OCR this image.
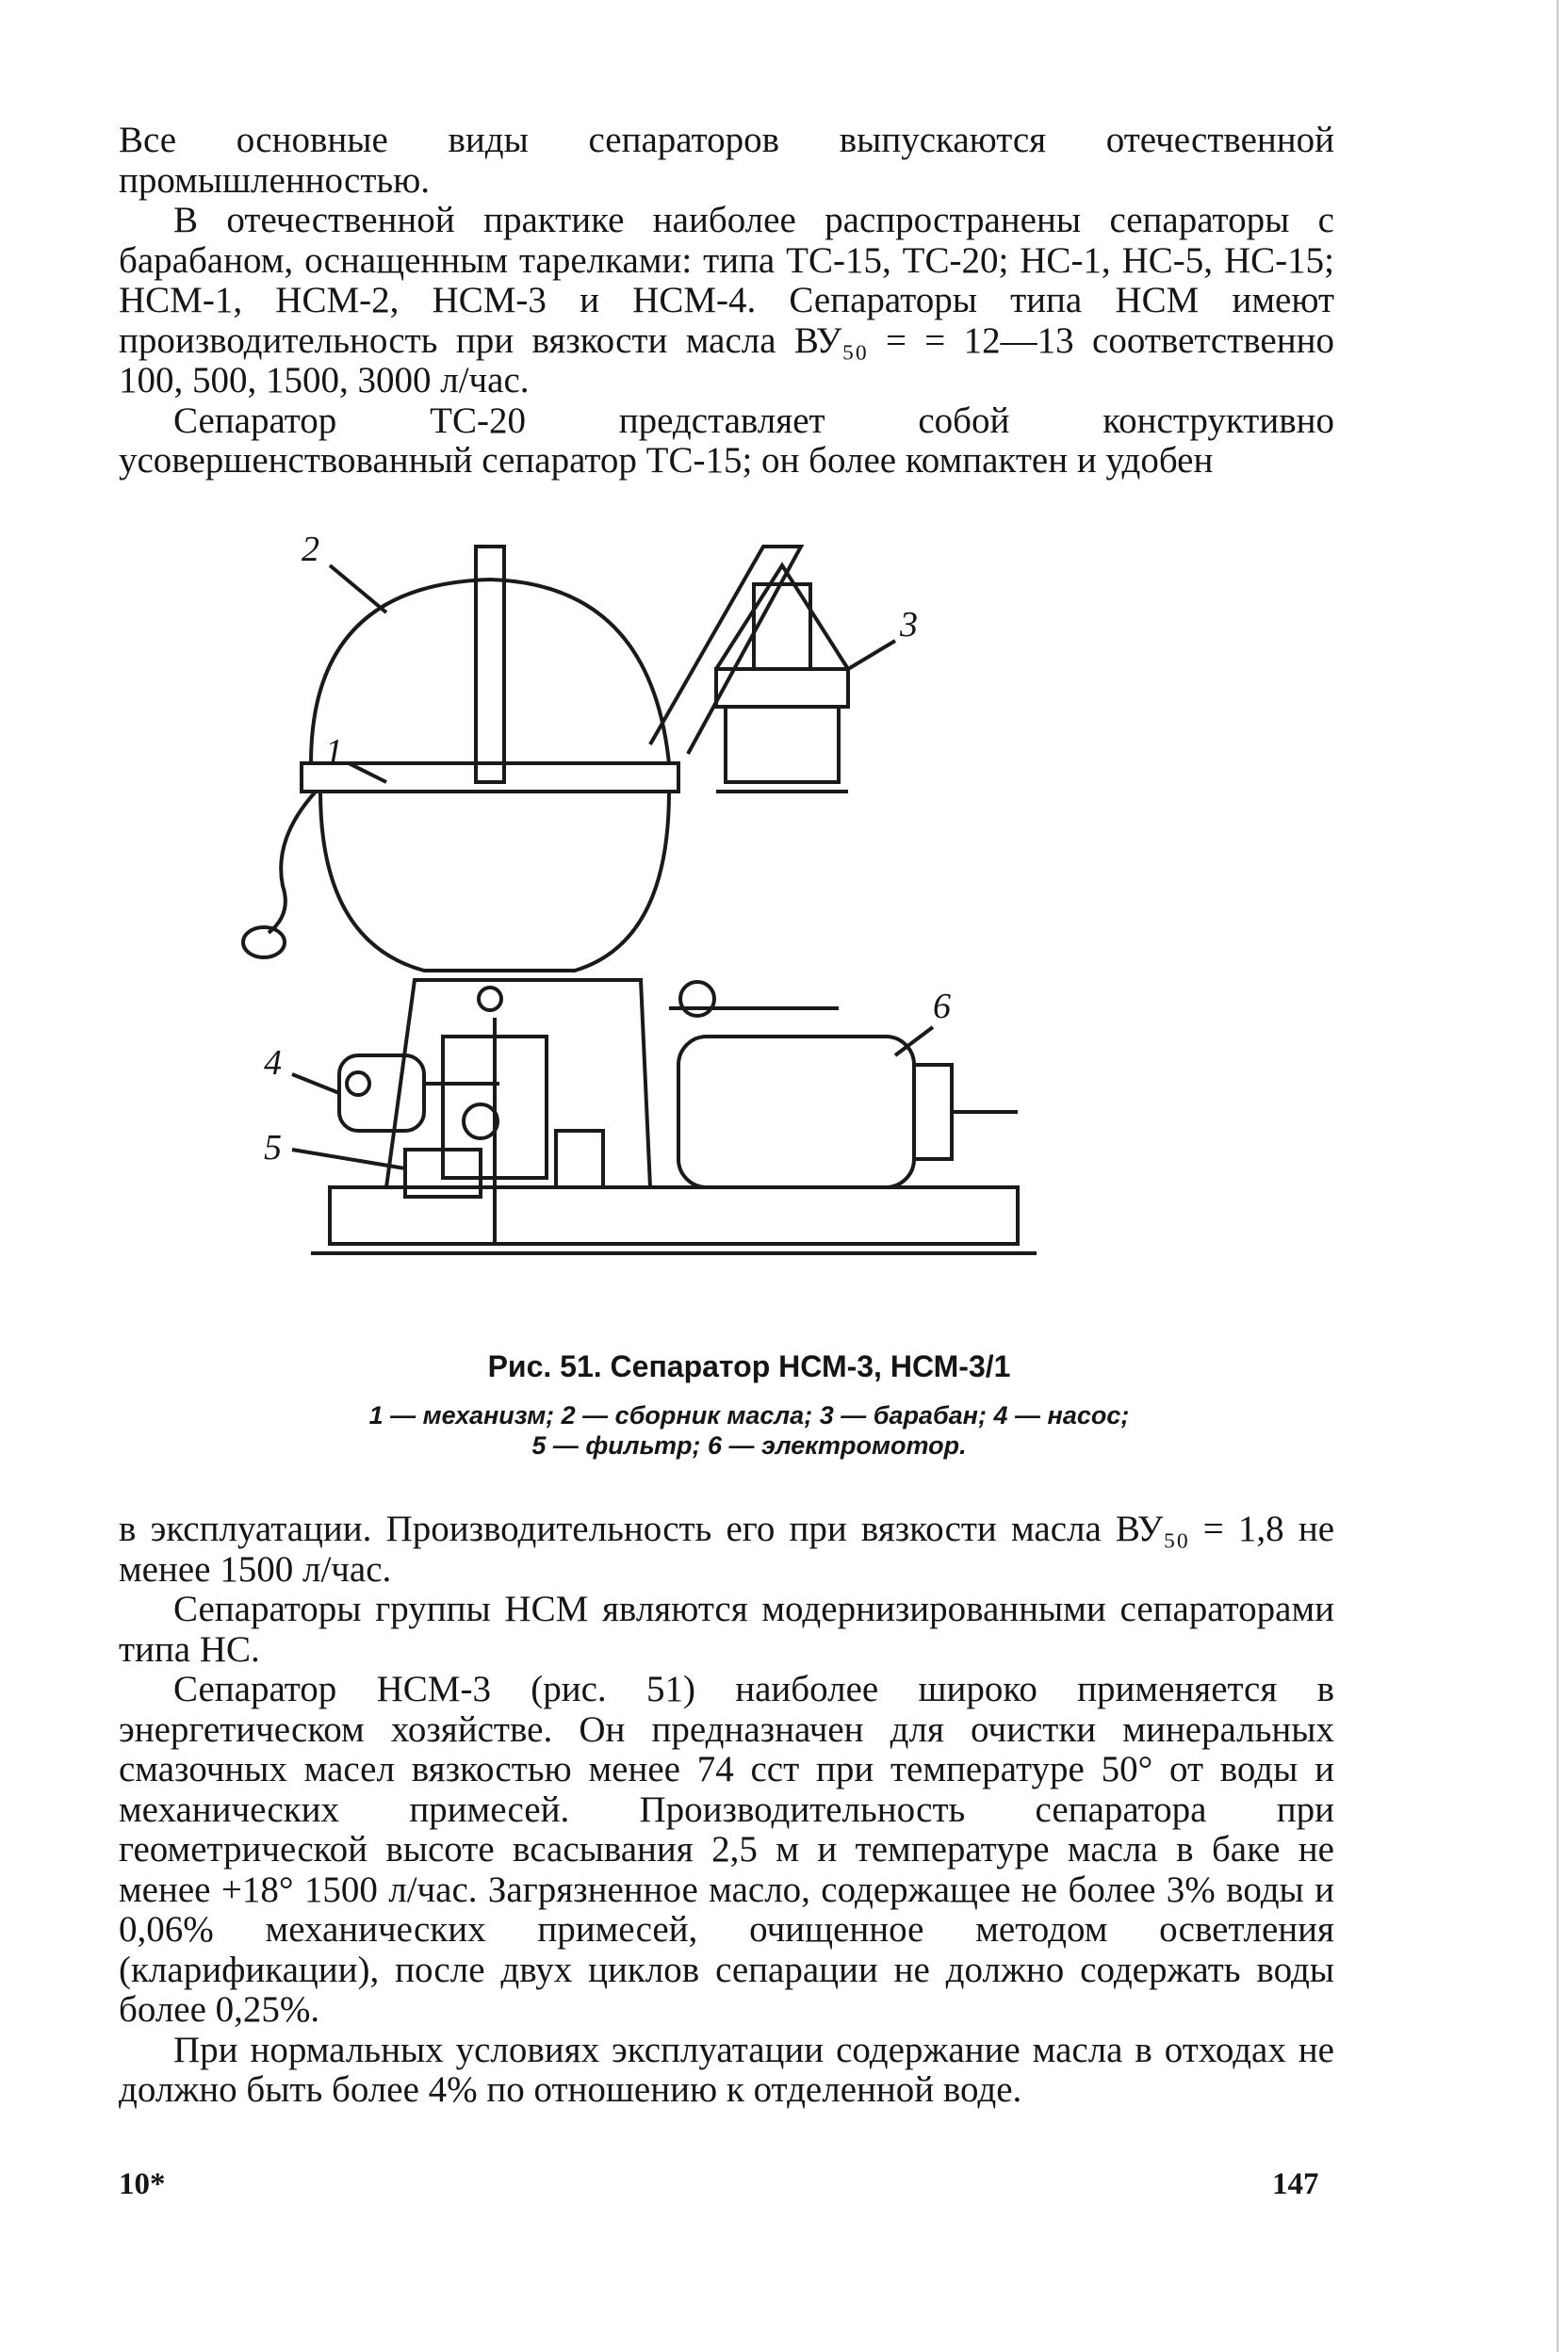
Все основные виды сепараторов выпускаются отечественной промышленностью.

В отечественной практике наиболее распространены сепараторы с барабаном, оснащенным тарелками: типа ТС-15, ТС-20; НС-1, НС-5, НС-15; НСМ-1, НСМ-2, НСМ-3 и НСМ-4. Сепараторы типа НСМ имеют производительность при вязкости масла ВУ₅₀ = = 12—13 соответственно 100, 500, 1500, 3000 л/час.

Сепаратор ТС-20 представляет собой конструктивно усовершенствованный сепаратор ТС-15; он более компактен и удобен

2
1
3
4
5
6
Рис. 51. Сепаратор НСМ-3, НСМ-3/1
1 — механизм; 2 — сборник масла; 3 — барабан; 4 — насос;
5 — фильтр; 6 — электромотор.

в эксплуатации. Производительность его при вязкости масла ВУ₅₀ = 1,8 не менее 1500 л/час.

Сепараторы группы НСМ являются модернизированными сепараторами типа НС.

Сепаратор НСМ-3 (рис. 51) наиболее широко применяется в энергетическом хозяйстве. Он предназначен для очистки минеральных смазочных масел вязкостью менее 74 сст при температуре 50° от воды и механических примесей. Производительность сепаратора при геометрической высоте всасывания 2,5 м и температуре масла в баке не менее +18° 1500 л/час. Загрязненное масло, содержащее не более 3% воды и 0,06% механических примесей, очищенное методом осветления (кларификации), после двух циклов сепарации не должно содержать воды более 0,25%.

При нормальных условиях эксплуатации содержание масла в отходах не должно быть более 4% по отношению к отделенной воде.

10*	147
